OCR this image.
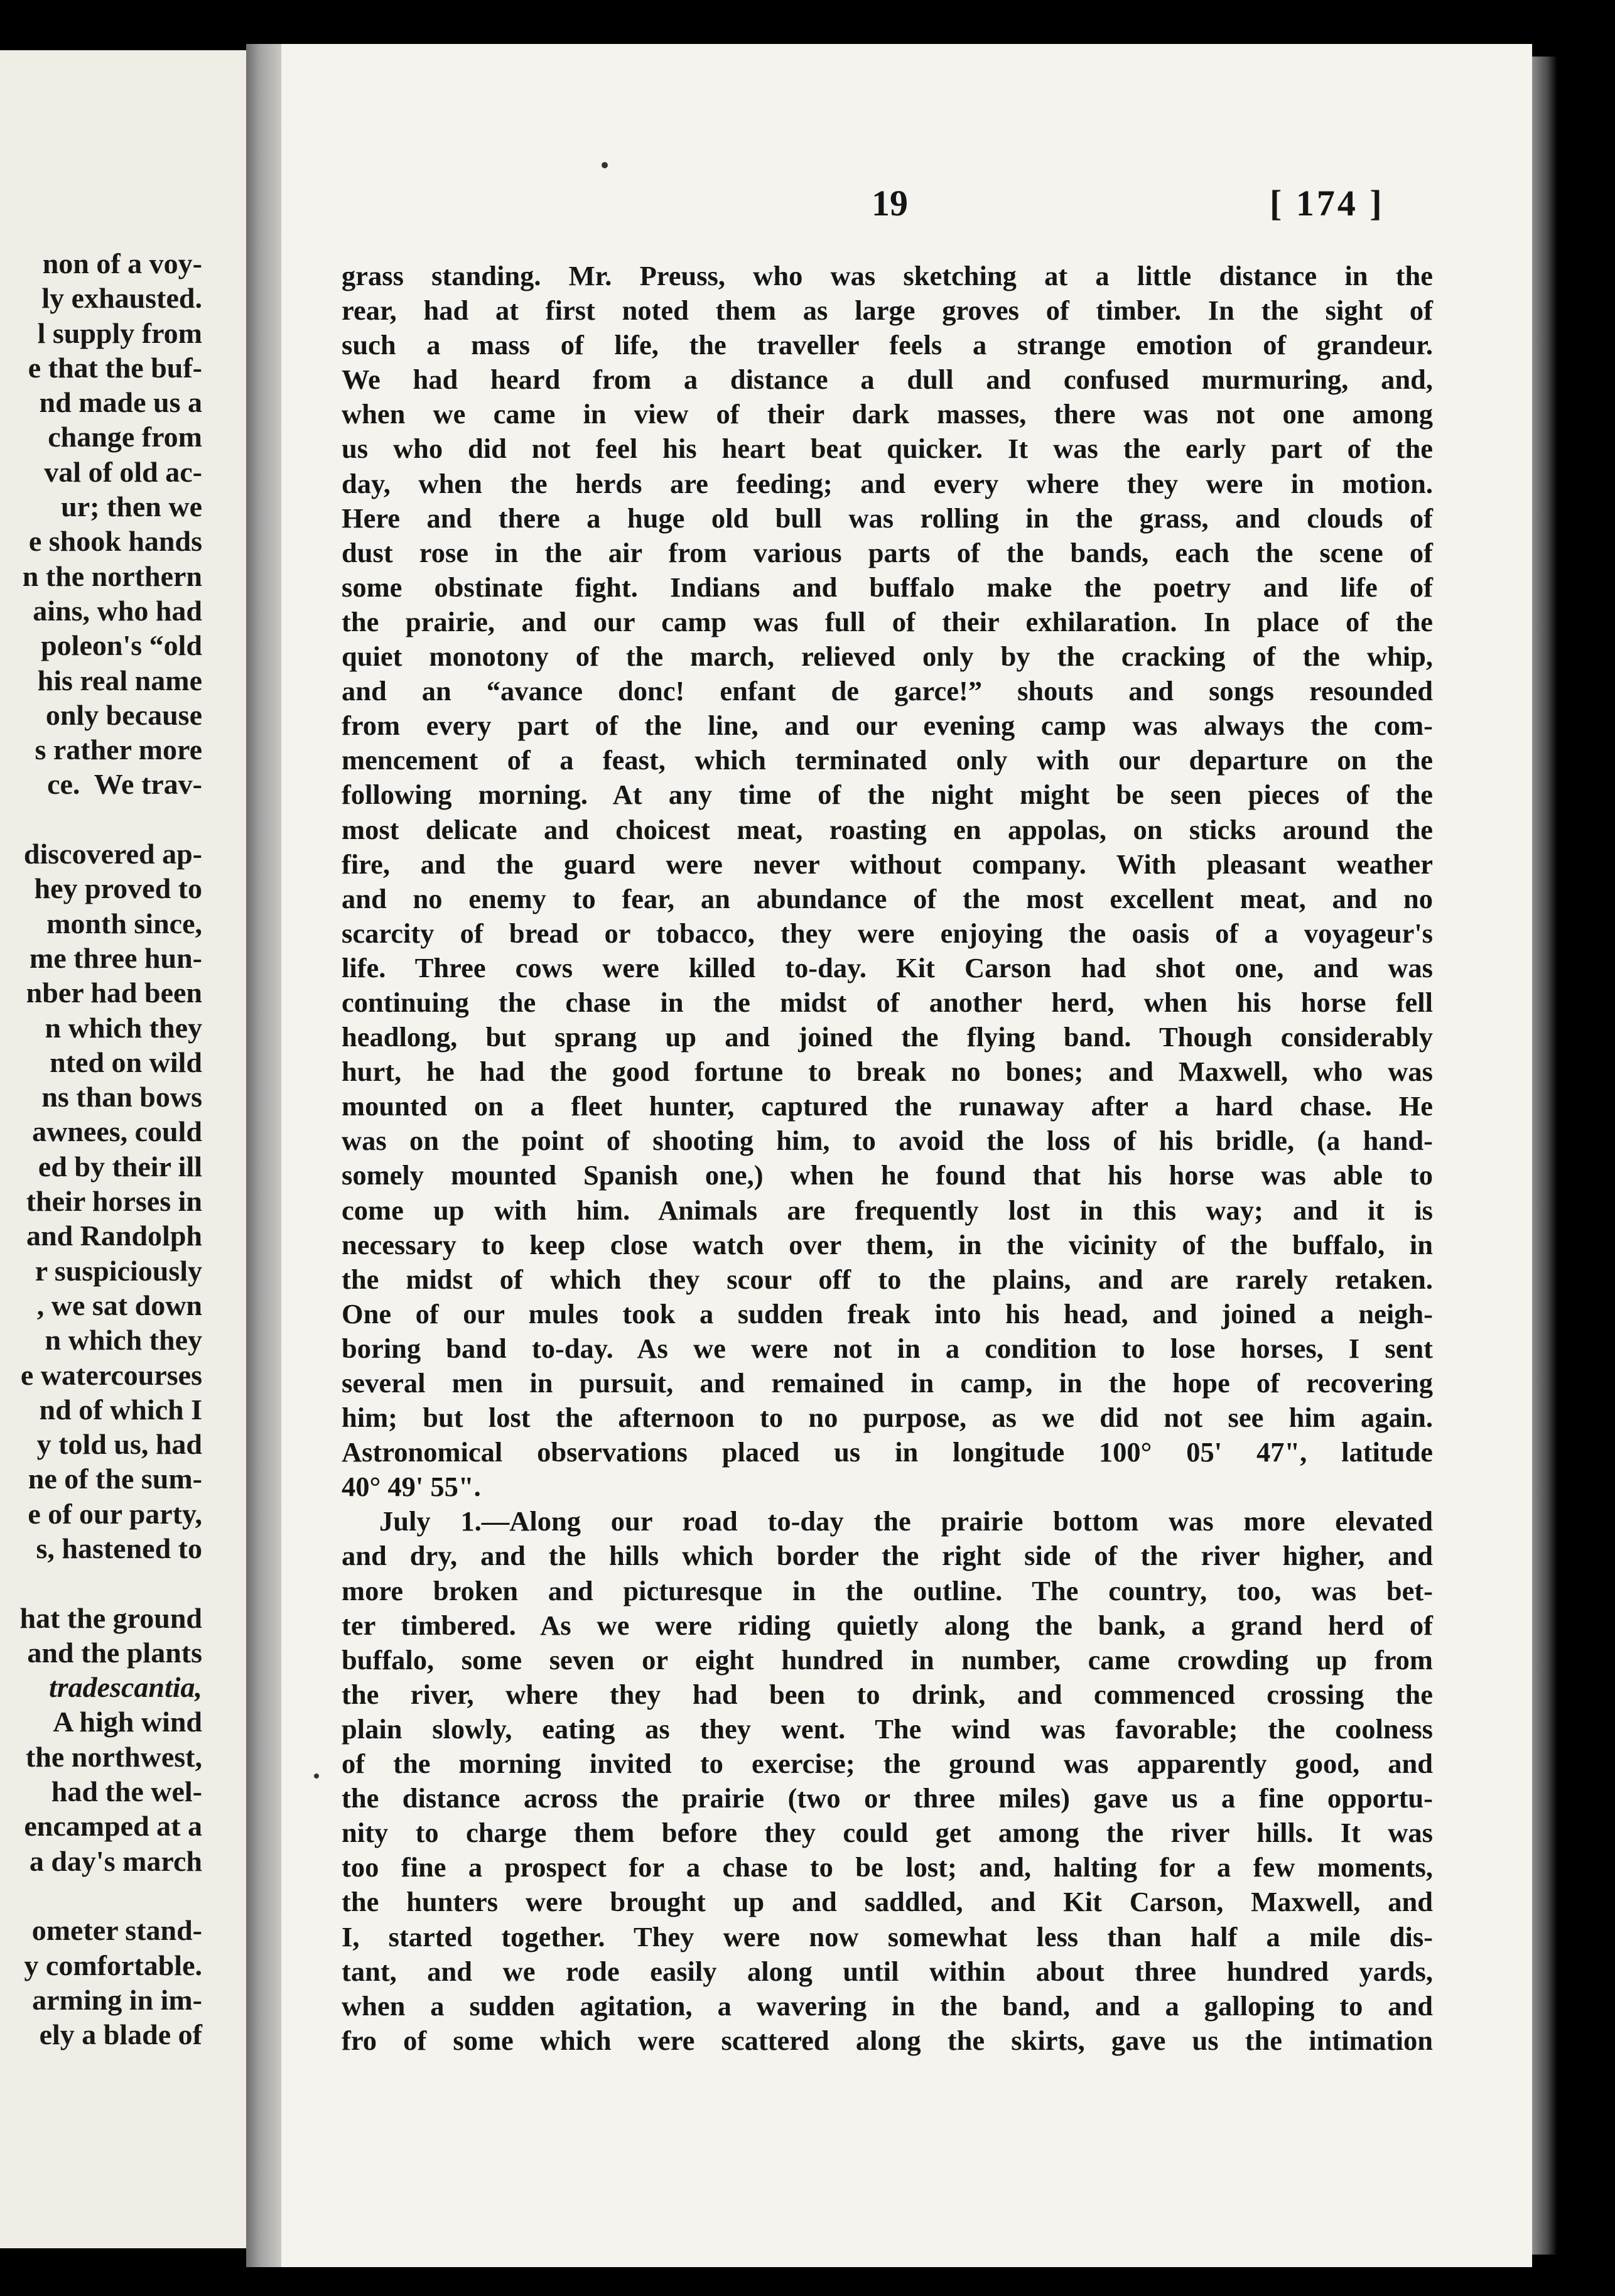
non of a voy-
ly exhausted.
l supply from
e that the buf-
nd made us a
change from
val of old ac-
ur; then we
e shook hands
n the northern
ains, who had
poleon's “old
his real name
only because
s rather more
ce.  We trav-
discovered ap-
hey proved to
month since,
me three hun-
nber had been
n which they
nted on wild
ns than bows
awnees, could
ed by their ill
their horses in
and Randolph
r suspiciously
, we sat down
n which they
e watercourses
nd of which I
y told us, had
ne of the sum-
e of our party,
s, hastened to
hat the ground
and the plants
tradescantia,
A high wind
the northwest,
had the wel-
encamped at a
a day's march
ometer stand-
y comfortable.
arming in im-
ely a blade of
19	[ 174 ]
grass standing. Mr. Preuss, who was sketching at a little distance in the
rear, had at first noted them as large groves of timber. In the sight of
such a mass of life, the traveller feels a strange emotion of grandeur.
We had heard from a distance a dull and confused murmuring, and,
when we came in view of their dark masses, there was not one among
us who did not feel his heart beat quicker. It was the early part of the
day, when the herds are feeding; and every where they were in motion.
Here and there a huge old bull was rolling in the grass, and clouds of
dust rose in the air from various parts of the bands, each the scene of
some obstinate fight. Indians and buffalo make the poetry and life of
the prairie, and our camp was full of their exhilaration. In place of the
quiet monotony of the march, relieved only by the cracking of the whip,
and an “avance donc! enfant de garce!” shouts and songs resounded
from every part of the line, and our evening camp was always the com-
mencement of a feast, which terminated only with our departure on the
following morning. At any time of the night might be seen pieces of the
most delicate and choicest meat, roasting en appolas, on sticks around the
fire, and the guard were never without company. With pleasant weather
and no enemy to fear, an abundance of the most excellent meat, and no
scarcity of bread or tobacco, they were enjoying the oasis of a voyageur's
life. Three cows were killed to-day. Kit Carson had shot one, and was
continuing the chase in the midst of another herd, when his horse fell
headlong, but sprang up and joined the flying band. Though considerably
hurt, he had the good fortune to break no bones; and Maxwell, who was
mounted on a fleet hunter, captured the runaway after a hard chase. He
was on the point of shooting him, to avoid the loss of his bridle, (a hand-
somely mounted Spanish one,) when he found that his horse was able to
come up with him. Animals are frequently lost in this way; and it is
necessary to keep close watch over them, in the vicinity of the buffalo, in
the midst of which they scour off to the plains, and are rarely retaken.
One of our mules took a sudden freak into his head, and joined a neigh-
boring band to-day. As we were not in a condition to lose horses, I sent
several men in pursuit, and remained in camp, in the hope of recovering
him; but lost the afternoon to no purpose, as we did not see him again.
Astronomical observations placed us in longitude 100° 05' 47", latitude
40° 49' 55".
July 1.—Along our road to-day the prairie bottom was more elevated
and dry, and the hills which border the right side of the river higher, and
more broken and picturesque in the outline. The country, too, was bet-
ter timbered. As we were riding quietly along the bank, a grand herd of
buffalo, some seven or eight hundred in number, came crowding up from
the river, where they had been to drink, and commenced crossing the
plain slowly, eating as they went. The wind was favorable; the coolness
of the morning invited to exercise; the ground was apparently good, and
the distance across the prairie (two or three miles) gave us a fine opportu-
nity to charge them before they could get among the river hills. It was
too fine a prospect for a chase to be lost; and, halting for a few moments,
the hunters were brought up and saddled, and Kit Carson, Maxwell, and
I, started together. They were now somewhat less than half a mile dis-
tant, and we rode easily along until within about three hundred yards,
when a sudden agitation, a wavering in the band, and a galloping to and
fro of some which were scattered along the skirts, gave us the intimation
